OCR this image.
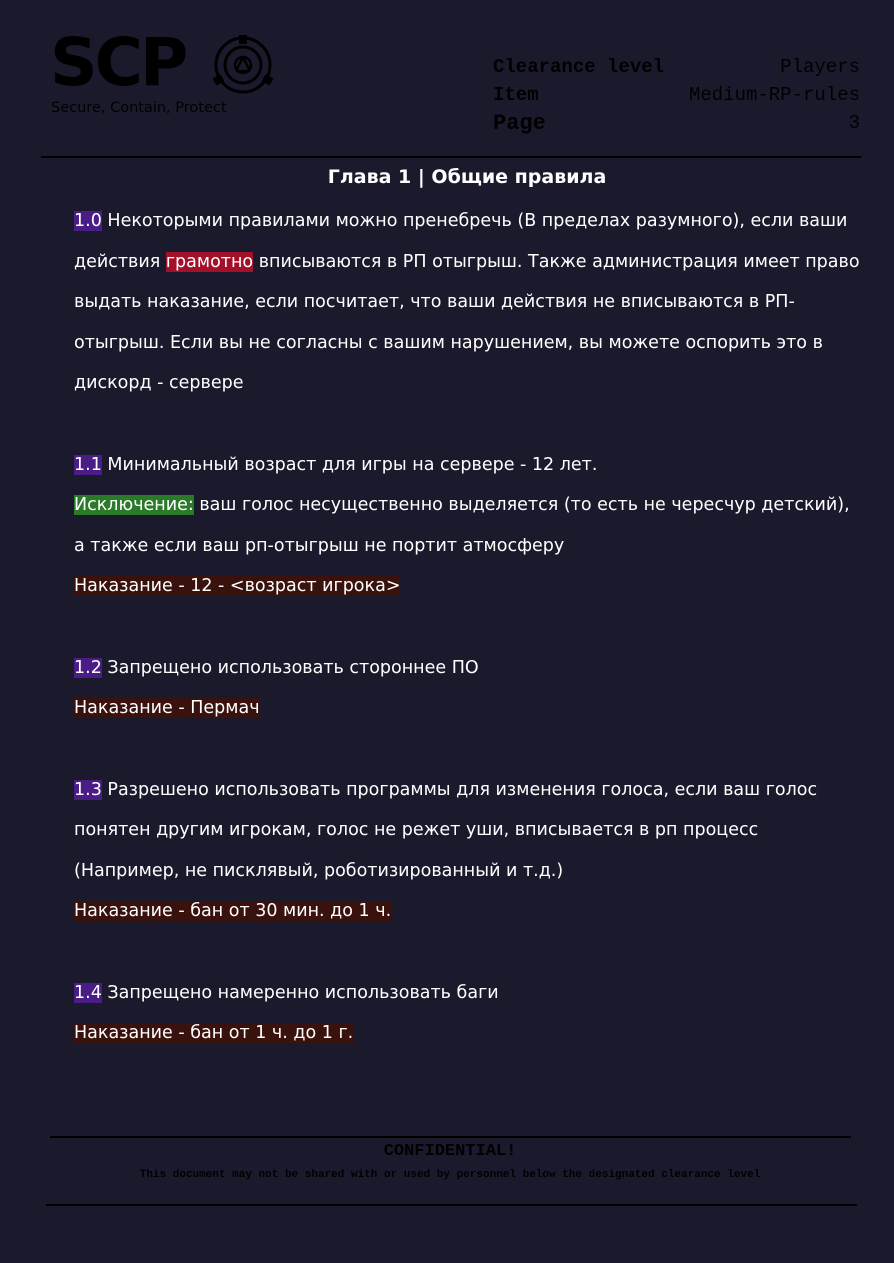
SCP
Secure, Contain, Protect
Clearance level	Players
Item	Medium-RP-rules
Page	3
Глава 1 | Общие правила
1.0 Некоторыми правилами можно пренебречь (В пределах разумного), если ваши действия грамотно вписываются в РП отыгрыш. Также администрация имеет право выдать наказание, если посчитает, что ваши действия не вписываются в РП-отыгрыш. Если вы не согласны с вашим нарушением, вы можете оспорить это в дискорд - сервере
1.1 Минимальный возраст для игры на сервере - 12 лет.
Исключение: ваш голос несущественно выделяется (то есть не чересчур детский), а также если ваш рп-отыгрыш не портит атмосферу
Наказание - 12 - <возраст игрока>
1.2 Запрещено использовать стороннее ПО
Наказание - Пермач
1.3 Разрешено использовать программы для изменения голоса, если ваш голос понятен другим игрокам, голос не режет уши, вписывается в рп процесс (Например, не писклявый, роботизированный и т.д.)
Наказание - бан от 30 мин. до 1 ч.
1.4 Запрещено намеренно использовать баги
Наказание - бан от 1 ч. до 1 г.
CONFIDENTIAL!
This document may not be shared with or used by personnel below the designated clearance level
